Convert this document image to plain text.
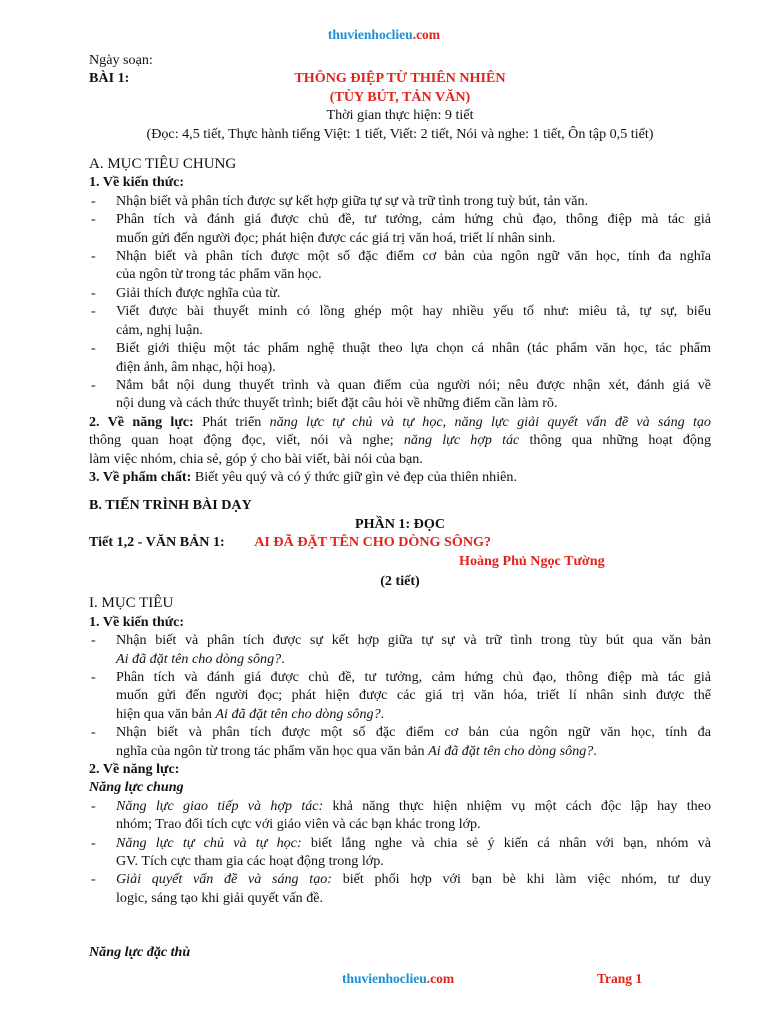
thuvienhoclieu.com
Ngày soạn:
BÀI 1:	THÔNG ĐIỆP TỪ THIÊN NHIÊN
(TÙY BÚT, TẢN VĂN)
Thời gian thực hiện: 9 tiết
(Đọc: 4,5 tiết, Thực hành tiếng Việt: 1 tiết, Viết: 2 tiết, Nói và nghe: 1 tiết, Ôn tập 0,5 tiết)
A. MỤC TIÊU CHUNG
1. Về kiến thức:
- Nhận biết và phân tích được sự kết hợp giữa tự sự và trữ tình trong tuỳ bút, tản văn.
- Phân tích và đánh giá được chủ đề, tư tưởng, cảm hứng chủ đạo, thông điệp mà tác giả
muốn gửi đến người đọc; phát hiện được các giá trị văn hoá, triết lí nhân sinh.
- Nhận biết và phân tích được một số đặc điểm cơ bản của ngôn ngữ văn học, tính đa nghĩa
của ngôn từ trong tác phẩm văn học.
- Giải thích được nghĩa của từ.
- Viết được bài thuyết minh có lồng ghép một hay nhiều yếu tố như: miêu tả, tự sự, biểu
cảm, nghị luận.
- Biết giới thiệu một tác phẩm nghệ thuật theo lựa chọn cá nhân (tác phẩm văn học, tác phẩm
điện ảnh, âm nhạc, hội hoạ).
- Nắm bắt nội dung thuyết trình và quan điểm của người nói; nêu được nhận xét, đánh giá về
nội dung và cách thức thuyết trình; biết đặt câu hỏi về những điểm cần làm rõ.
2. Về năng lực: Phát triển năng lực tự chủ và tự học, năng lực giải quyết vấn đề và sáng tạo
thông quan hoạt động đọc, viết, nói và nghe; năng lực hợp tác thông qua những hoạt động
làm việc nhóm, chia sẻ, góp ý cho bài viết, bài nói của bạn.
3. Về phẩm chất: Biết yêu quý và có ý thức giữ gìn vẻ đẹp của thiên nhiên.
B. TIẾN TRÌNH BÀI DẠY
PHẦN 1: ĐỌC
Tiết 1,2 - VĂN BẢN 1: AI ĐÃ ĐẶT TÊN CHO DÒNG SÔNG?
Hoàng Phủ Ngọc Tường
(2 tiết)
I. MỤC TIÊU
1. Về kiến thức:
- Nhận biết và phân tích được sự kết hợp giữa tự sự và trữ tình trong tùy bút qua văn bản
Ai đã đặt tên cho dòng sông?.
- Phân tích và đánh giá được chủ đề, tư tưởng, cảm hứng chủ đạo, thông điệp mà tác giả
muốn gửi đến người đọc; phát hiện được các giá trị văn hóa, triết lí nhân sinh được thể
hiện qua văn bản Ai đã đặt tên cho dòng sông?.
- Nhận biết và phân tích được một số đặc điểm cơ bản của ngôn ngữ văn học, tính đa
nghĩa của ngôn từ trong tác phẩm văn học qua văn bản Ai đã đặt tên cho dòng sông?.
2. Về năng lực:
Năng lực chung
- Năng lực giao tiếp và hợp tác: khả năng thực hiện nhiệm vụ một cách độc lập hay theo
nhóm; Trao đổi tích cực với giáo viên và các bạn khác trong lớp.
- Năng lực tự chủ và tự học: biết lắng nghe và chia sẻ ý kiến cá nhân với bạn, nhóm và
GV. Tích cực tham gia các hoạt động trong lớp.
- Giải quyết vấn đề và sáng tạo: biết phối hợp với bạn bè khi làm việc nhóm, tư duy
logic, sáng tạo khi giải quyết vấn đề.
Năng lực đặc thù
thuvienhoclieu.com	Trang 1
